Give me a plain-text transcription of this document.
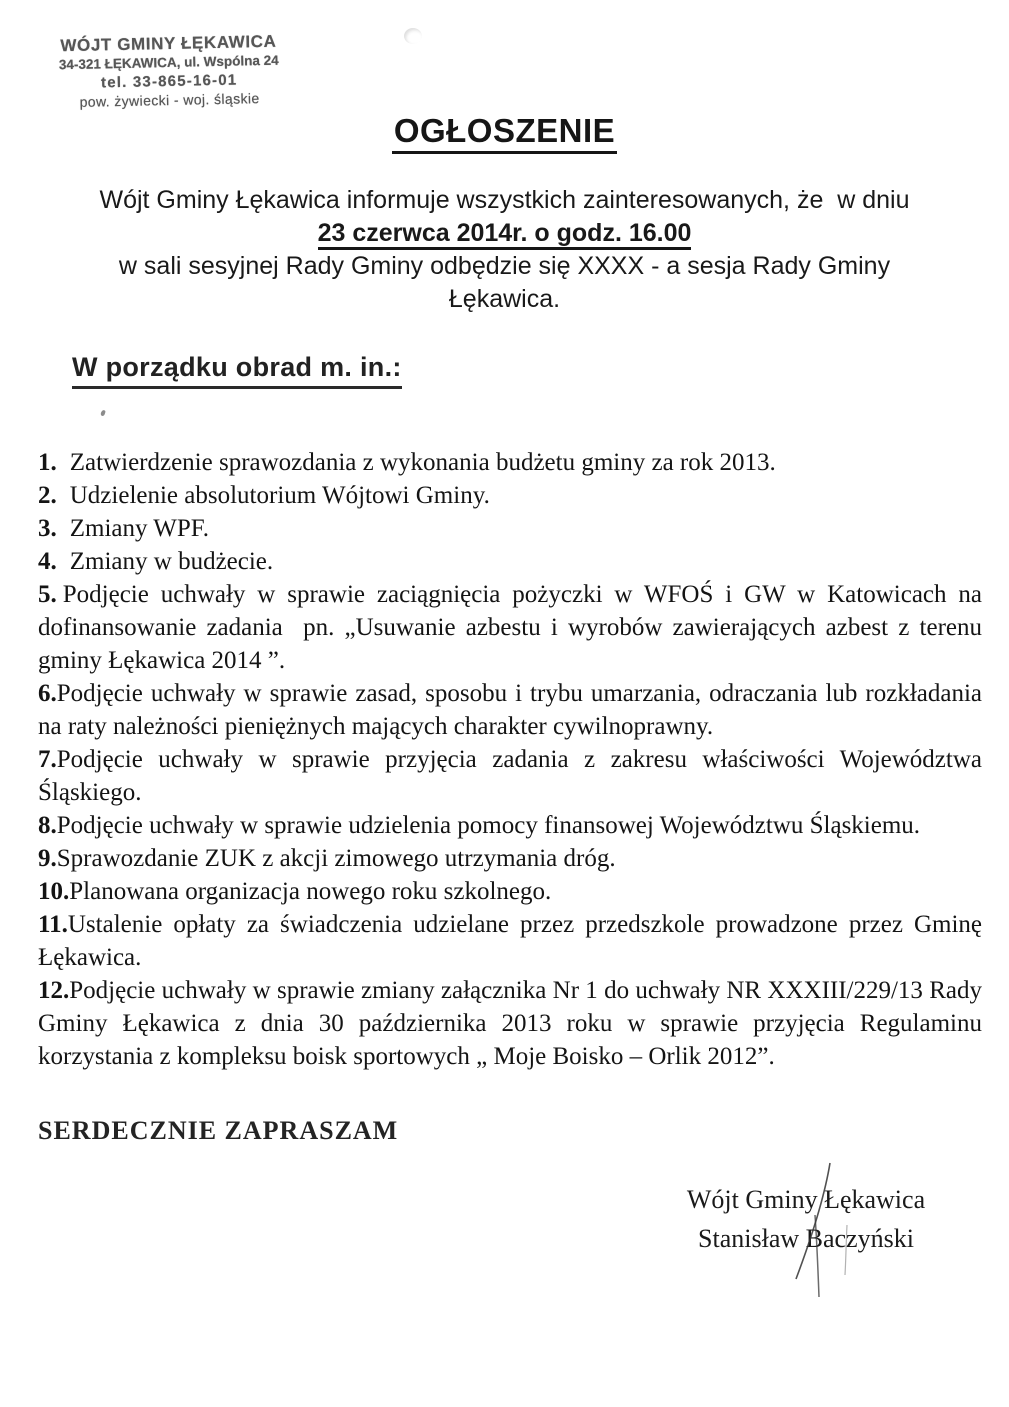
WÓJT GMINY ŁĘKAWICA
34-321 ŁĘKAWICA, ul. Wspólna 24
tel. 33-865-16-01
pow. żywiecki - woj. śląskie
OGŁOSZENIE
Wójt Gminy Łękawica informuje wszystkich zainteresowanych, że  w dniu
23 czerwca 2014r. o godz. 16.00
w sali sesyjnej Rady Gminy odbędzie się XXXX - a sesja Rady Gminy
Łękawica.
W porządku obrad m. in.:

1. Zatwierdzenie sprawozdania z wykonania budżetu gminy za rok 2013.

2. Udzielenie absolutorium Wójtowi Gminy.

3. Zmiany WPF.

4. Zmiany w budżecie.

5. Podjęcie uchwały w sprawie zaciągnięcia pożyczki w WFOŚ i GW w Katowicach na dofinansowanie zadania  pn. „Usuwanie azbestu i wyrobów zawierających azbest z terenu gminy Łękawica 2014 ”.

6.Podjęcie uchwały w sprawie zasad, sposobu i trybu umarzania, odraczania lub rozkładania na raty należności pieniężnych mających charakter cywilnoprawny.

7.Podjęcie uchwały w sprawie przyjęcia zadania z zakresu właściwości Województwa Śląskiego.

8.Podjęcie uchwały w sprawie udzielenia pomocy finansowej Województwu Śląskiemu.

9.Sprawozdanie ZUK z akcji zimowego utrzymania dróg.

10.Planowana organizacja nowego roku szkolnego.

11.Ustalenie opłaty za świadczenia udzielane przez przedszkole prowadzone przez Gminę Łękawica.

12.Podjęcie uchwały w sprawie zmiany załącznika Nr 1 do uchwały NR XXXIII/229/13 Rady Gminy Łękawica z dnia 30 października 2013 roku w sprawie przyjęcia Regulaminu korzystania z kompleksu boisk sportowych „ Moje Boisko – Orlik 2012”.

SERDECZNIE ZAPRASZAM
Wójt Gminy Łękawica
Stanisław Baczyński
